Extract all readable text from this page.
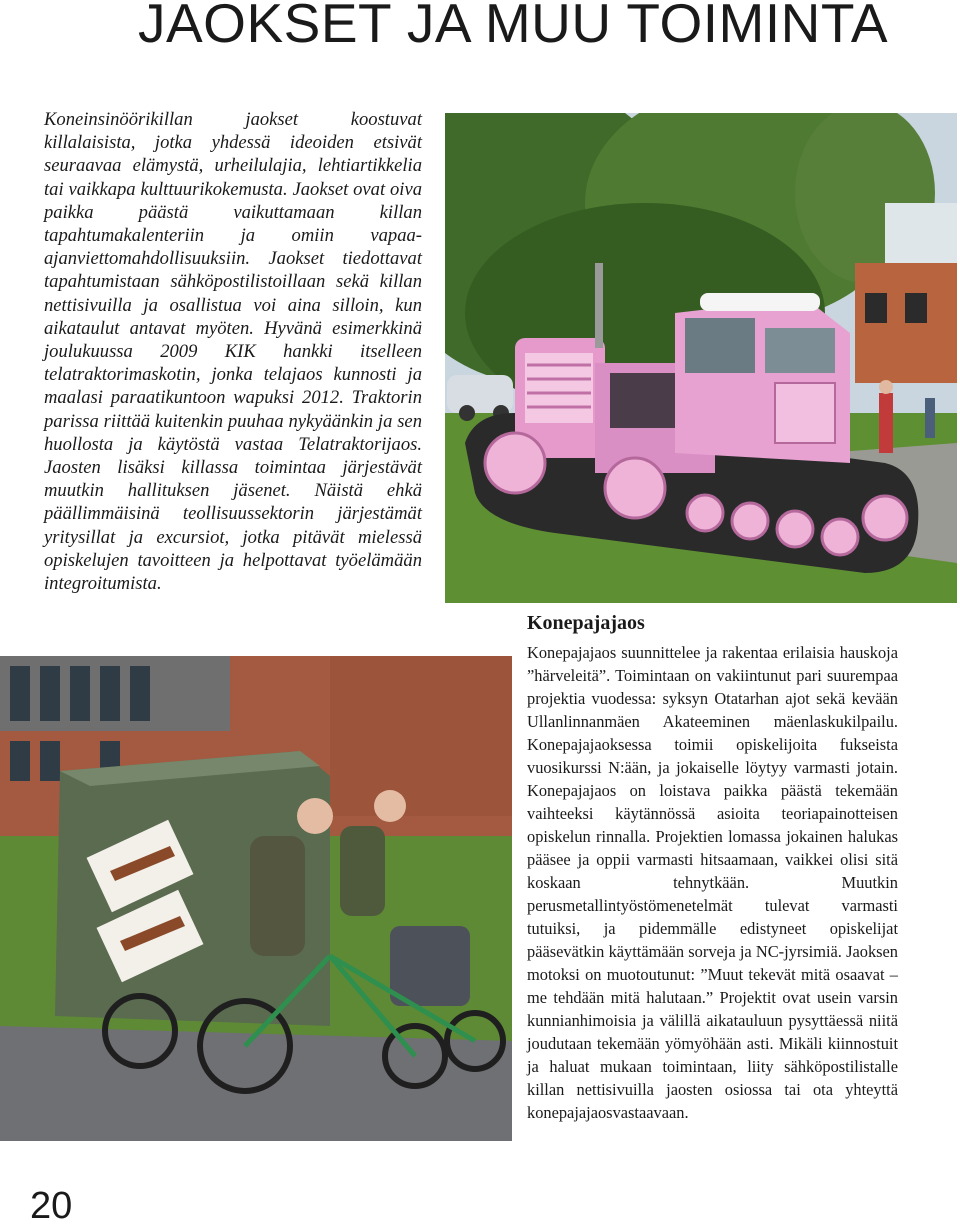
JAOKSET JA MUU TOIMINTA
Koneinsinöörikillan jaokset koostuvat killalaisista, jotka yhdessä ideoiden etsivät seuraavaa elämystä, urheilulajia, lehtiartikkelia tai vaikkapa kulttuurikokemusta. Jaokset ovat oiva paikka päästä vaikuttamaan killan tapahtumakalenteriin ja omiin vapaa-ajanviettomahdollisuuksiin. Jaokset tiedottavat tapahtumistaan sähköpostilistoillaan sekä killan nettisivuilla ja osallistua voi aina silloin, kun aikataulut antavat myöten. Hyvänä esimerkkinä joulukuussa 2009 KIK hankki itselleen telatraktorimaskotin, jonka telajaos kunnosti ja maalasi paraatikuntoon wapuksi 2012. Traktorin parissa riittää kuitenkin puuhaa nykyäänkin ja sen huollosta ja käytöstä vastaa Telatraktorijaos. Jaosten lisäksi killassa toimintaa järjestävät muutkin hallituksen jäsenet. Näistä ehkä päällimmäisinä teollisuussektorin järjestämät yritysillat ja excursiot, jotka pitävät mielessä opiskelujen tavoitteen ja helpottavat työelämään integroitumista.
Konepajajaos
Konepajajaos suunnittelee ja rakentaa erilaisia hauskoja ”härveleitä”. Toimintaan on vakiintunut pari suurempaa projektia vuodessa: syksyn Otatarhan ajot sekä kevään Ullanlinnanmäen Akateeminen mäenlaskukilpailu. Konepajajaoksessa toimii opiskelijoita fukseista vuosikurssi N:ään, ja jokaiselle löytyy varmasti jotain. Konepajajaos on loistava paikka päästä tekemään vaihteeksi käytännössä asioita teoriapainotteisen opiskelun rinnalla. Projektien lomassa jokainen halukas pääsee ja oppii varmasti hitsaamaan, vaikkei olisi sitä koskaan tehnytkään. Muutkin perusmetallintyöstömenetelmät tulevat varmasti tutuiksi, ja pidemmälle edistyneet opiskelijat pääsevätkin käyttämään sorveja ja NC-jyrsimiä. Jaoksen motoksi on muotoutunut: ”Muut tekevät mitä osaavat – me tehdään mitä halutaan.” Projektit ovat usein varsin kunnianhimoisia ja välillä aikatauluun pysyttäessä niitä joudutaan tekemään yömyöhään asti. Mikäli kiinnostuit ja haluat mukaan toimintaan, liity sähköpostilistalle killan nettisivuilla jaosten osiossa tai ota yhteyttä konepajajaosvastaavaan.
20
